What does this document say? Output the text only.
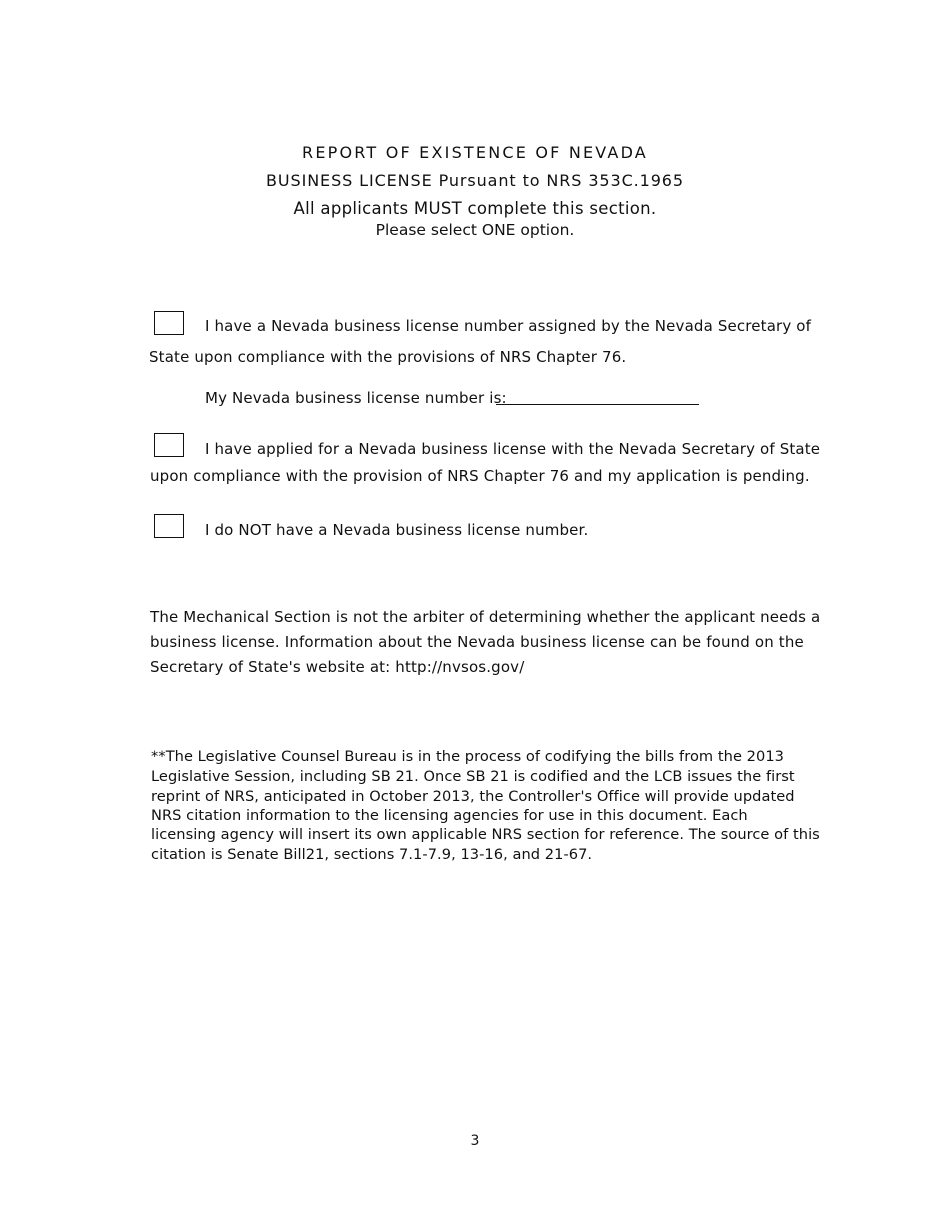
REPORT OF EXISTENCE OF NEVADA
BUSINESS LICENSE Pursuant to NRS 353C.1965
All applicants MUST complete this section.
Please select ONE option.
I have a Nevada business license number assigned by the Nevada Secretary of
State upon compliance with the provisions of NRS Chapter 76.
My Nevada business license number is:
I have applied for a Nevada business license with the Nevada Secretary of State
upon compliance with the provision of NRS Chapter 76 and my application is pending.
I do NOT have a Nevada business license number.
The Mechanical Section is not the arbiter of determining whether the applicant needs a
business license. Information about the Nevada business license can be found on the
Secretary of State's website at: http://nvsos.gov/
**The Legislative Counsel Bureau is in the process of codifying the bills from the 2013
Legislative Session, including SB 21. Once SB 21 is codified and the LCB issues the first
reprint of NRS, anticipated in October 2013, the Controller's Office will provide updated
NRS citation information to the licensing agencies for use in this document. Each
licensing agency will insert its own applicable NRS section for reference. The source of this
citation is Senate Bill21, sections 7.1-7.9, 13-16, and 21-67.
3
